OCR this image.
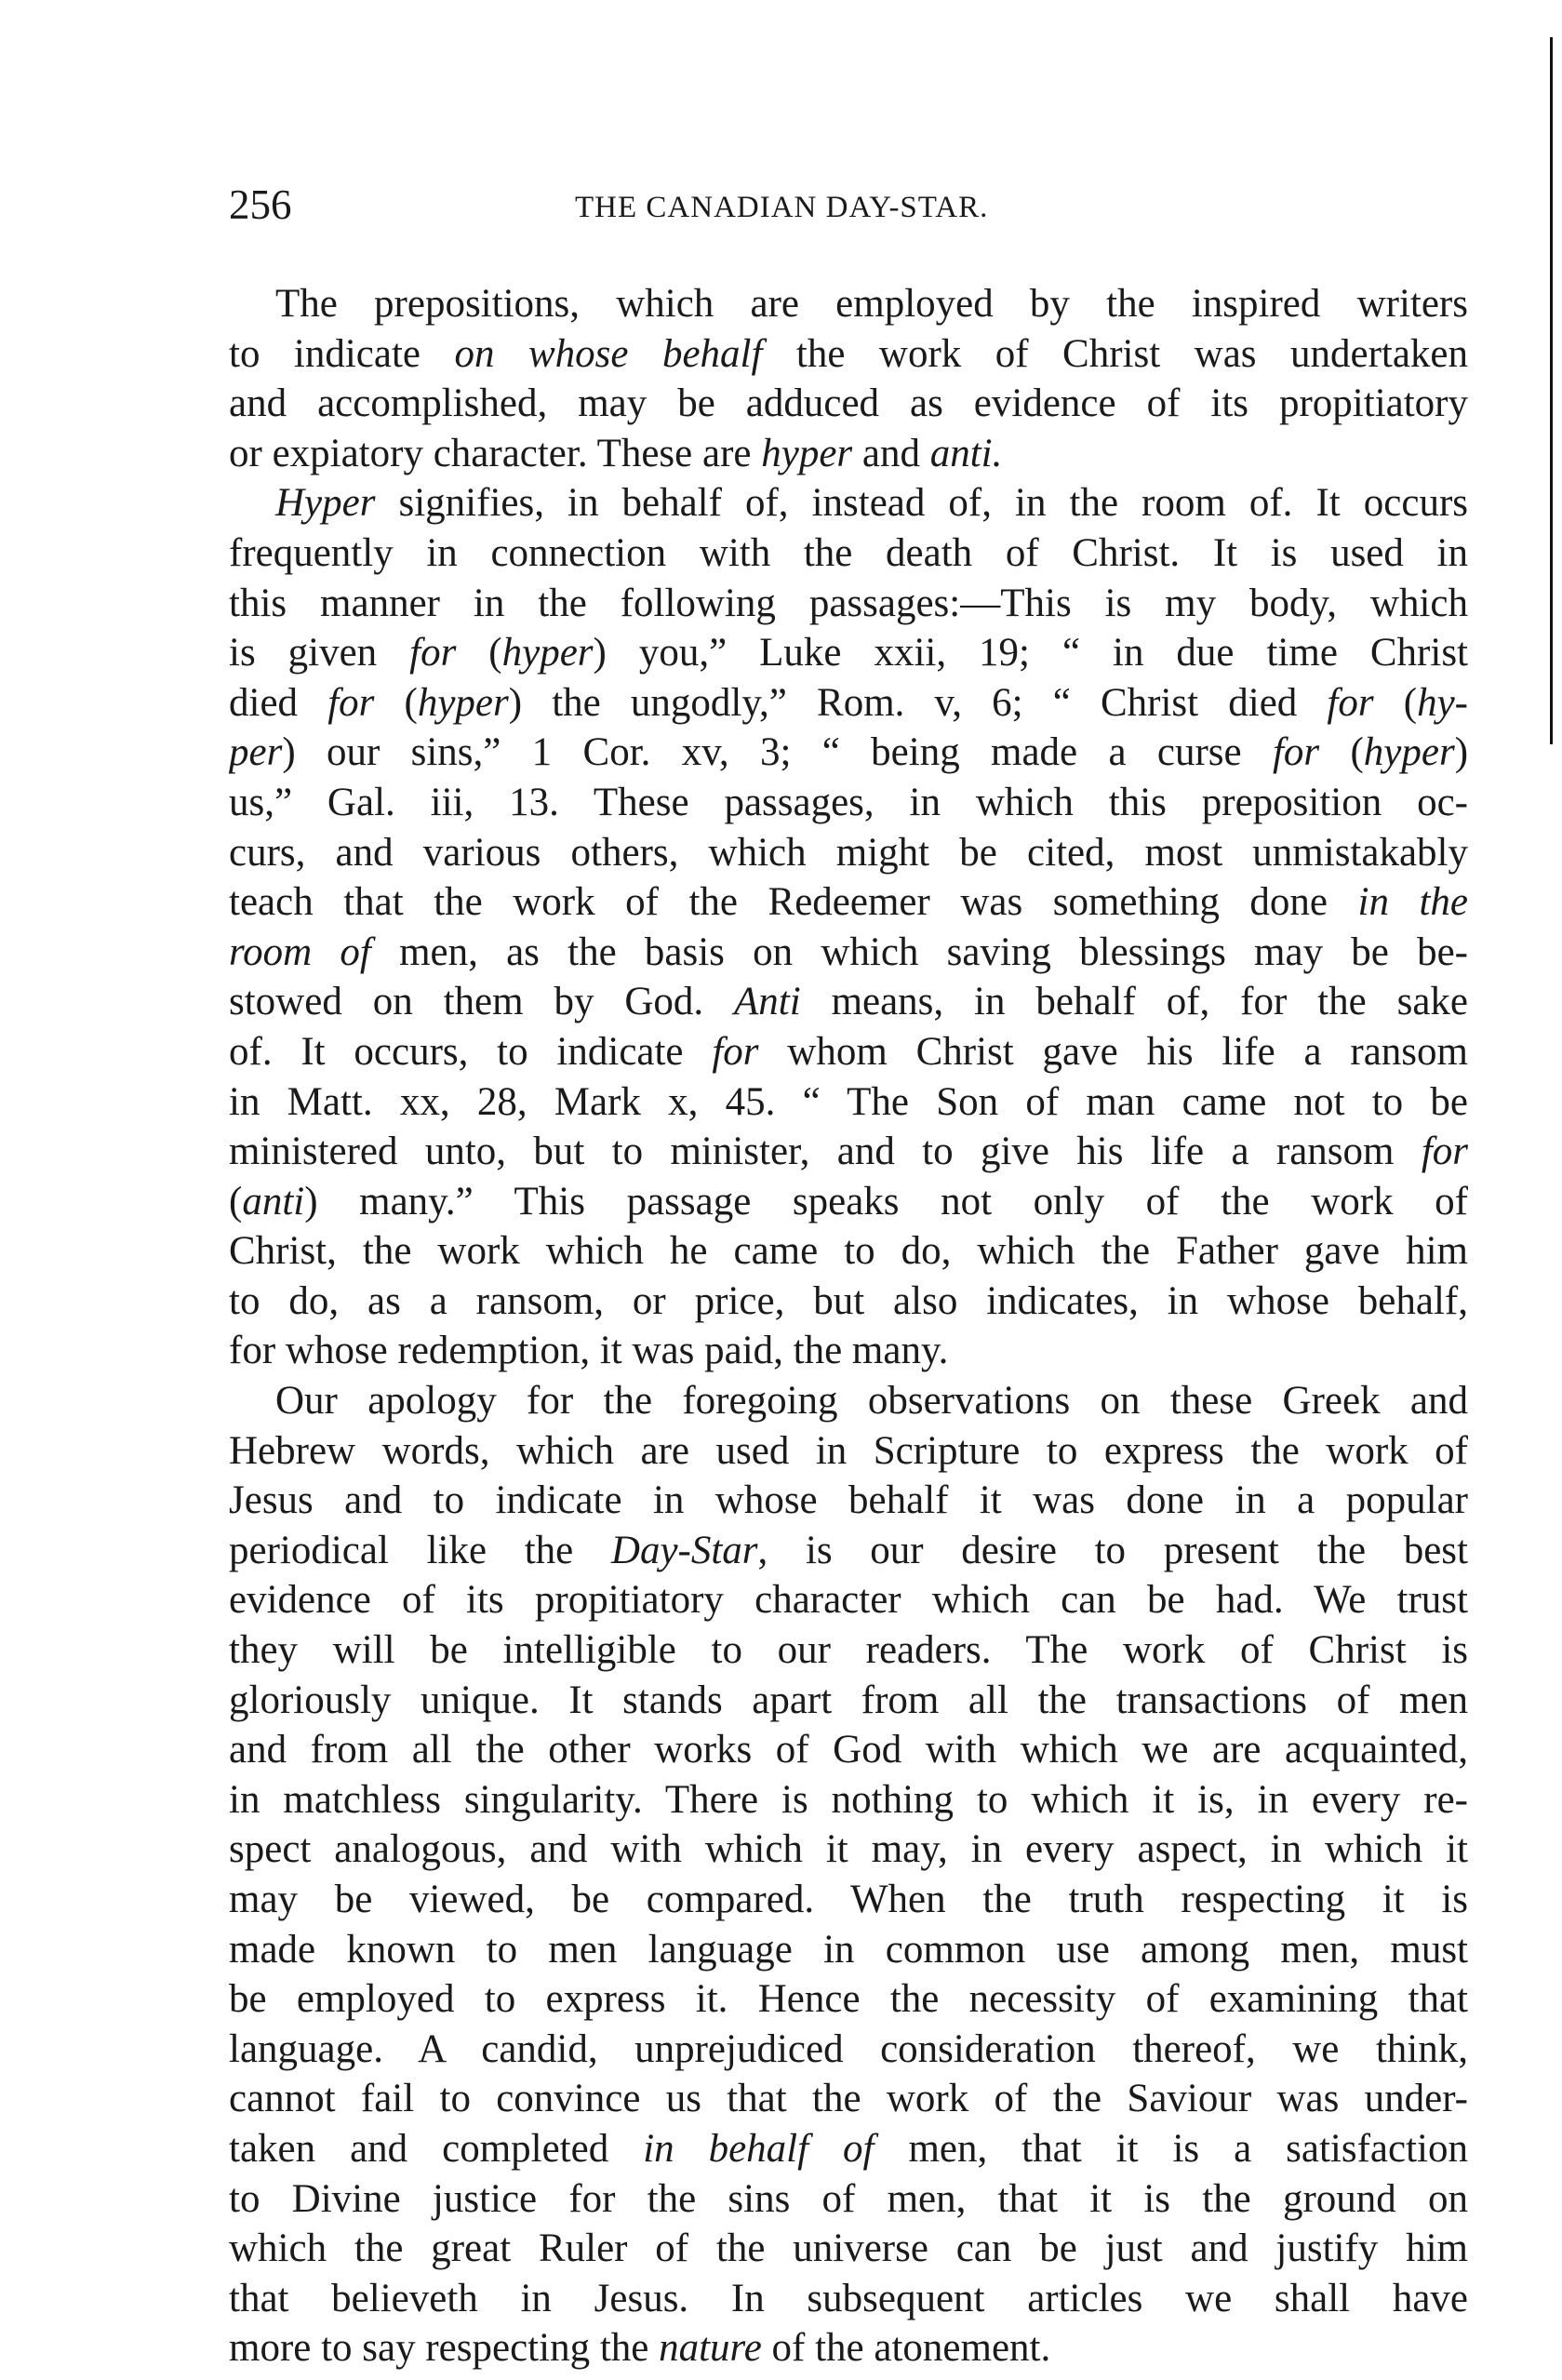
256	THE CANADIAN DAY-STAR.
The prepositions, which are employed by the inspired writers
to indicate on whose behalf the work of Christ was undertaken
and accomplished, may be adduced as evidence of its propitiatory
or expiatory character. These are hyper and anti.
Hyper signifies, in behalf of, instead of, in the room of. It occurs
frequently in connection with the death of Christ. It is used in
this manner in the following passages:—This is my body, which
is given for (hyper) you,” Luke xxii, 19; “ in due time Christ
died for (hyper) the ungodly,” Rom. v, 6; “ Christ died for (hy-
per) our sins,” 1 Cor. xv, 3; “ being made a curse for (hyper)
us,” Gal. iii, 13. These passages, in which this preposition oc-
curs, and various others, which might be cited, most unmistakably
teach that the work of the Redeemer was something done in the
room of men, as the basis on which saving blessings may be be-
stowed on them by God. Anti means, in behalf of, for the sake
of. It occurs, to indicate for whom Christ gave his life a ransom
in Matt. xx, 28, Mark x, 45. “ The Son of man came not to be
ministered unto, but to minister, and to give his life a ransom for
(anti) many.” This passage speaks not only of the work of
Christ, the work which he came to do, which the Father gave him
to do, as a ransom, or price, but also indicates, in whose behalf,
for whose redemption, it was paid, the many.
Our apology for the foregoing observations on these Greek and
Hebrew words, which are used in Scripture to express the work of
Jesus and to indicate in whose behalf it was done in a popular
periodical like the Day-Star, is our desire to present the best
evidence of its propitiatory character which can be had. We trust
they will be intelligible to our readers. The work of Christ is
gloriously unique. It stands apart from all the transactions of men
and from all the other works of God with which we are acquainted,
in matchless singularity. There is nothing to which it is, in every re-
spect analogous, and with which it may, in every aspect, in which it
may be viewed, be compared. When the truth respecting it is
made known to men language in common use among men, must
be employed to express it. Hence the necessity of examining that
language. A candid, unprejudiced consideration thereof, we think,
cannot fail to convince us that the work of the Saviour was under-
taken and completed in behalf of men, that it is a satisfaction
to Divine justice for the sins of men, that it is the ground on
which the great Ruler of the universe can be just and justify him
that believeth in Jesus. In subsequent articles we shall have
more to say respecting the nature of the atonement.
